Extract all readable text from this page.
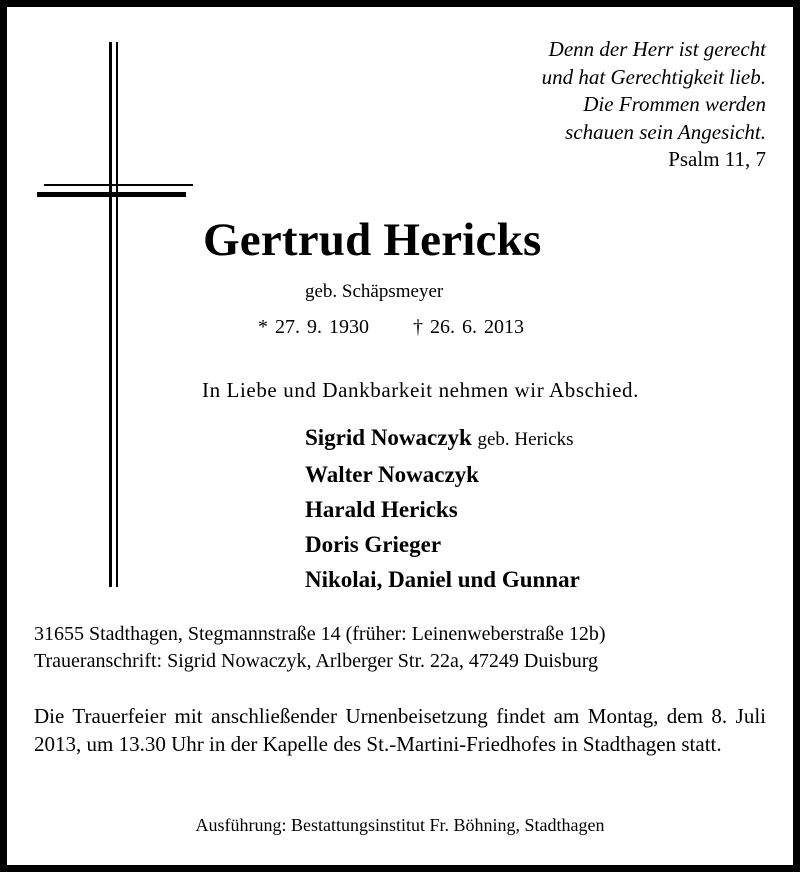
Denn der Herr ist gerecht
und hat Gerechtigkeit lieb.
Die Frommen werden
schauen sein Angesicht.
Psalm 11, 7
Gertrud Hericks
geb. Schäpsmeyer
* 27. 9. 1930 † 26. 6. 2013
In Liebe und Dankbarkeit nehmen wir Abschied.
Sigrid Nowaczyk geb. Hericks
Walter Nowaczyk
Harald Hericks
Doris Grieger
Nikolai, Daniel und Gunnar
31655 Stadthagen, Stegmannstraße 14 (früher: Leinenweberstraße 12b)
Traueranschrift: Sigrid Nowaczyk, Arlberger Str. 22a, 47249 Duisburg

Die Trauerfeier mit anschließender Urnenbeisetzung findet am Montag, dem 8. Juli 2013, um 13.30 Uhr in der Kapelle des St.-Martini-Friedhofes in Stadthagen statt.

Ausführung: Bestattungsinstitut Fr. Böhning, Stadthagen
